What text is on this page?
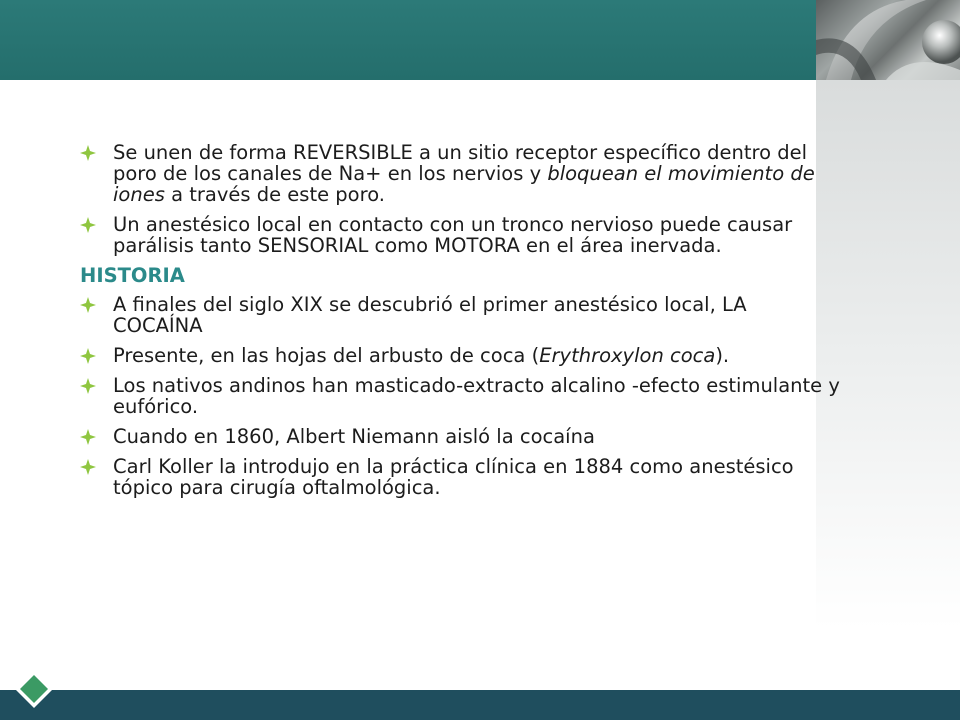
Se unen de forma REVERSIBLE a un sitio receptor específico dentro del poro de los canales de Na+ en los nervios y bloquean el movimiento de iones a través de este poro.
Un anestésico local en contacto con un tronco nervioso puede causar parálisis tanto SENSORIAL como MOTORA en el área inervada.
HISTORIA
A finales del siglo XIX se descubrió el primer anestésico local, LA COCAÍNA
Presente, en las hojas del arbusto de coca (Erythroxylon coca).
Los nativos andinos han masticado-extracto alcalino -efecto estimulante y eufórico.
Cuando en 1860, Albert Niemann aisló la cocaína
Carl Koller la introdujo en la práctica clínica en 1884 como anestésico tópico para cirugía oftalmológica.
